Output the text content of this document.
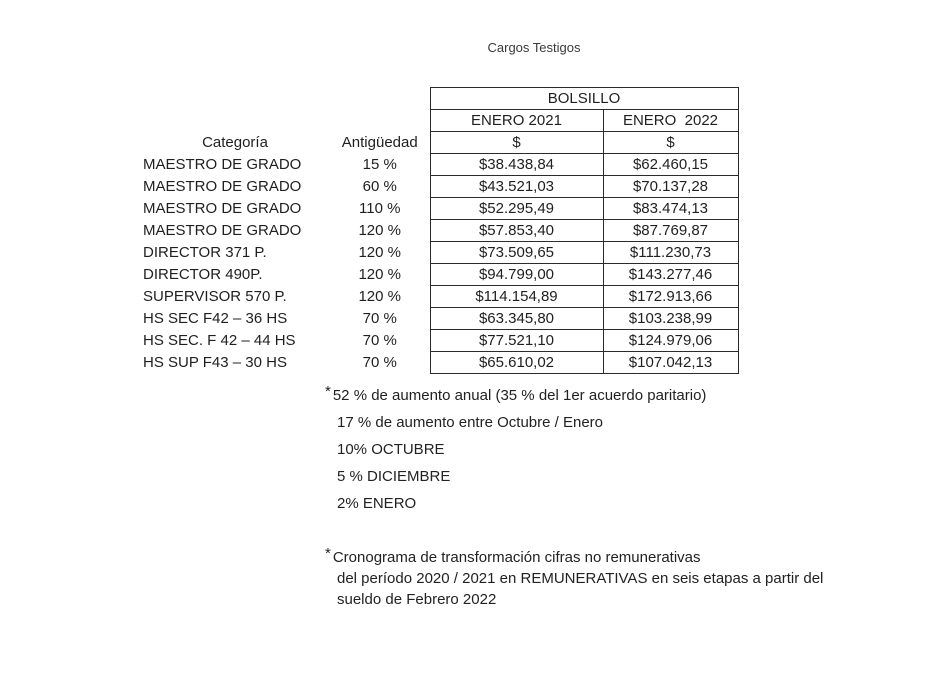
Cargos Testigos
		BOLSILLO	
		ENERO 2021	ENERO  2022
Categoría	Antigüedad	$	$
MAESTRO DE GRADO	15 %	$38.438,84	$62.460,15
MAESTRO DE GRADO	60 %	$43.521,03	$70.137,28
MAESTRO DE GRADO	110 %	$52.295,49	$83.474,13
MAESTRO DE GRADO	120 %	$57.853,40	$87.769,87
DIRECTOR 371 P.	120 %	$73.509,65	$111.230,73
DIRECTOR 490P.	120 %	$94.799,00	$143.277,46
SUPERVISOR 570 P.	120 %	$114.154,89	$172.913,66
HS SEC F42 – 36 HS	70 %	$63.345,80	$103.238,99
HS SEC. F 42 – 44 HS	70 %	$77.521,10	$124.979,06
HS SUP F43 – 30 HS	70 %	$65.610,02	$107.042,13
* 52 % de aumento anual (35 % del 1er acuerdo paritario)
17 % de aumento entre Octubre / Enero
10% OCTUBRE
5 % DICIEMBRE
2% ENERO
* Cronograma de transformación cifras no remunerativas
del período 2020 / 2021 en REMUNERATIVAS en seis etapas a partir del
sueldo de Febrero 2022
